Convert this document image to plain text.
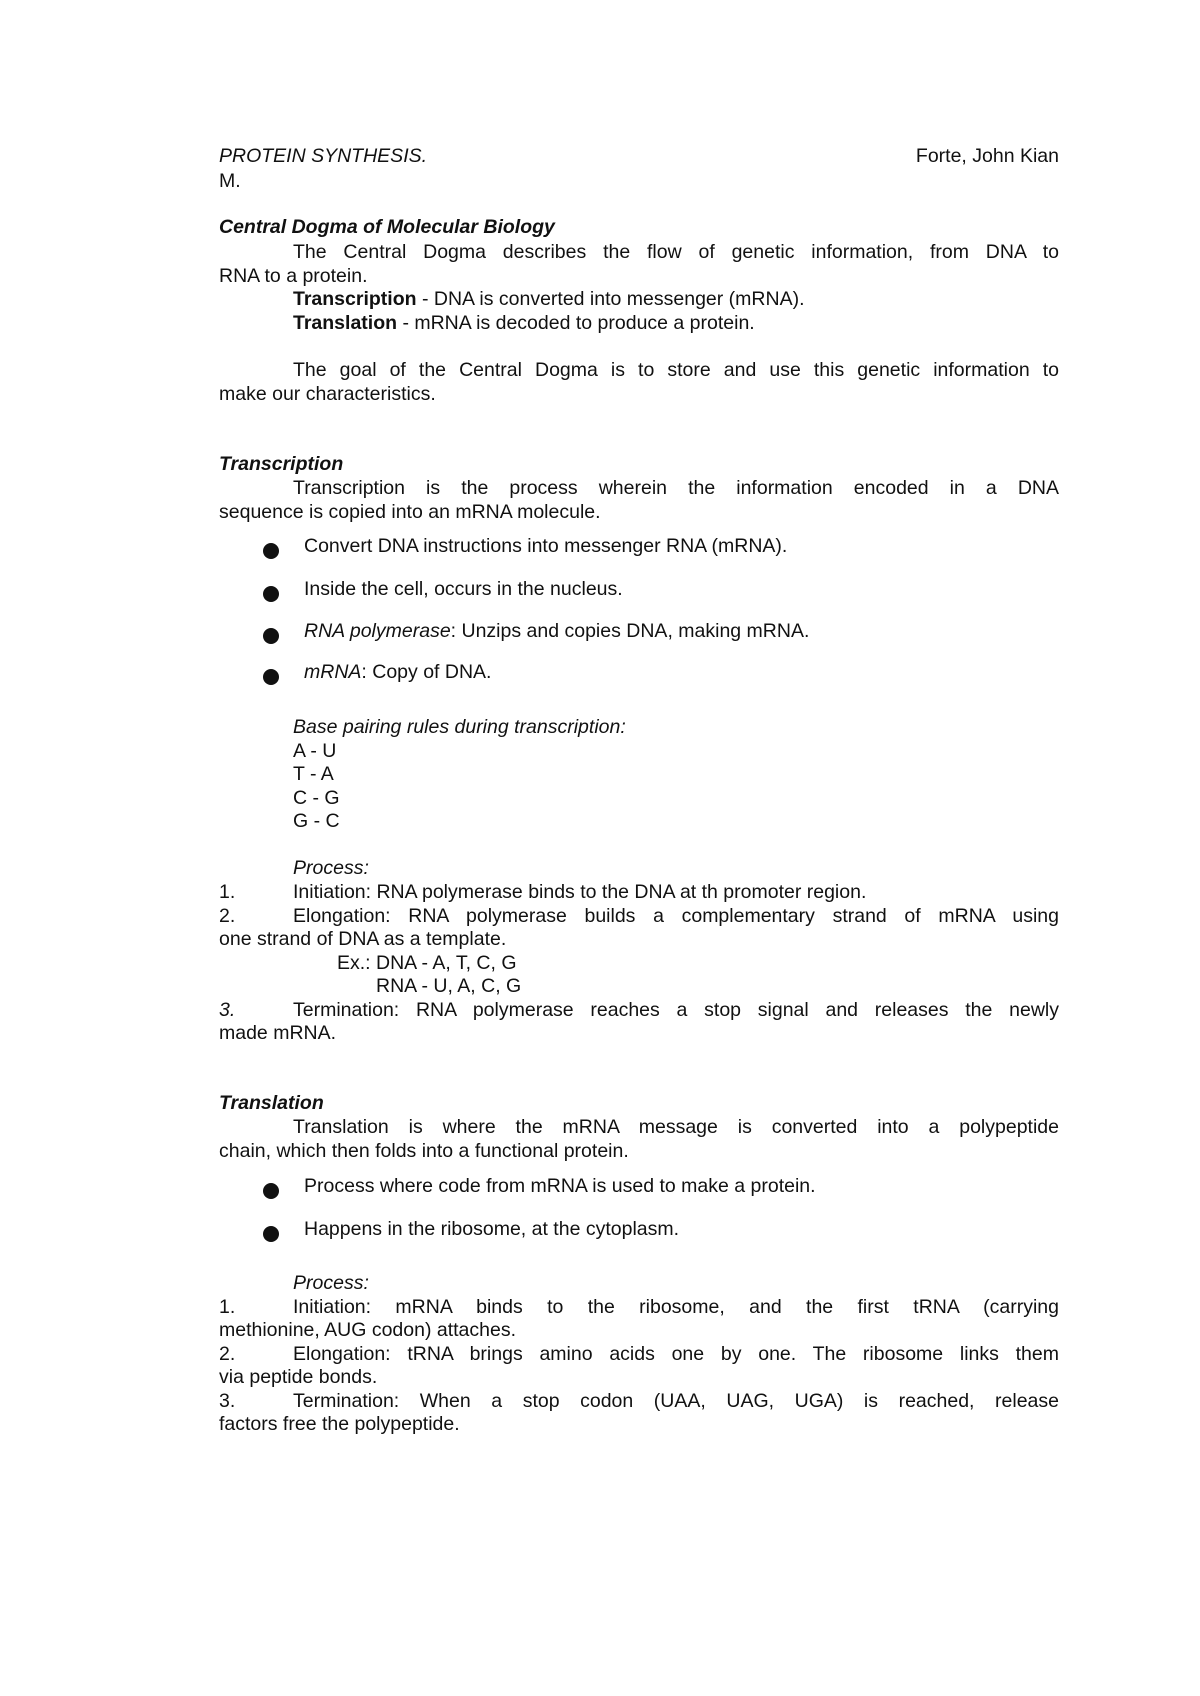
PROTEIN SYNTHESIS.	Forte, John Kian
M.
Central Dogma of Molecular Biology
The Central Dogma describes the flow of genetic information, from DNA to
RNA to a protein.
Transcription - DNA is converted into messenger (mRNA).
Translation - mRNA is decoded to produce a protein.
The goal of the Central Dogma is to store and use this genetic information to
make our characteristics.
Transcription
Transcription is the process wherein the information encoded in a DNA
sequence is copied into an mRNA molecule.
Convert DNA instructions into messenger RNA (mRNA).
Inside the cell, occurs in the nucleus.
RNA polymerase: Unzips and copies DNA, making mRNA.
mRNA: Copy of DNA.
Base pairing rules during transcription:
A - U
T - A
C - G
G - C
Process:
1.	Initiation: RNA polymerase binds to the DNA at th promoter region.
2.	Elongation: RNA polymerase builds a complementary strand of mRNA using
one strand of DNA as a template.
Ex.: DNA - A, T, C, G
RNA - U, A, C, G
3.	Termination: RNA polymerase reaches a stop signal and releases the newly
made mRNA.
Translation
Translation is where the mRNA message is converted into a polypeptide
chain, which then folds into a functional protein.
Process where code from mRNA is used to make a protein.
Happens in the ribosome, at the cytoplasm.
Process:
1.	Initiation: mRNA binds to the ribosome, and the first tRNA (carrying
methionine, AUG codon) attaches.
2.	Elongation: tRNA brings amino acids one by one. The ribosome links them
via peptide bonds.
3.	Termination: When a stop codon (UAA, UAG, UGA) is reached, release
factors free the polypeptide.
